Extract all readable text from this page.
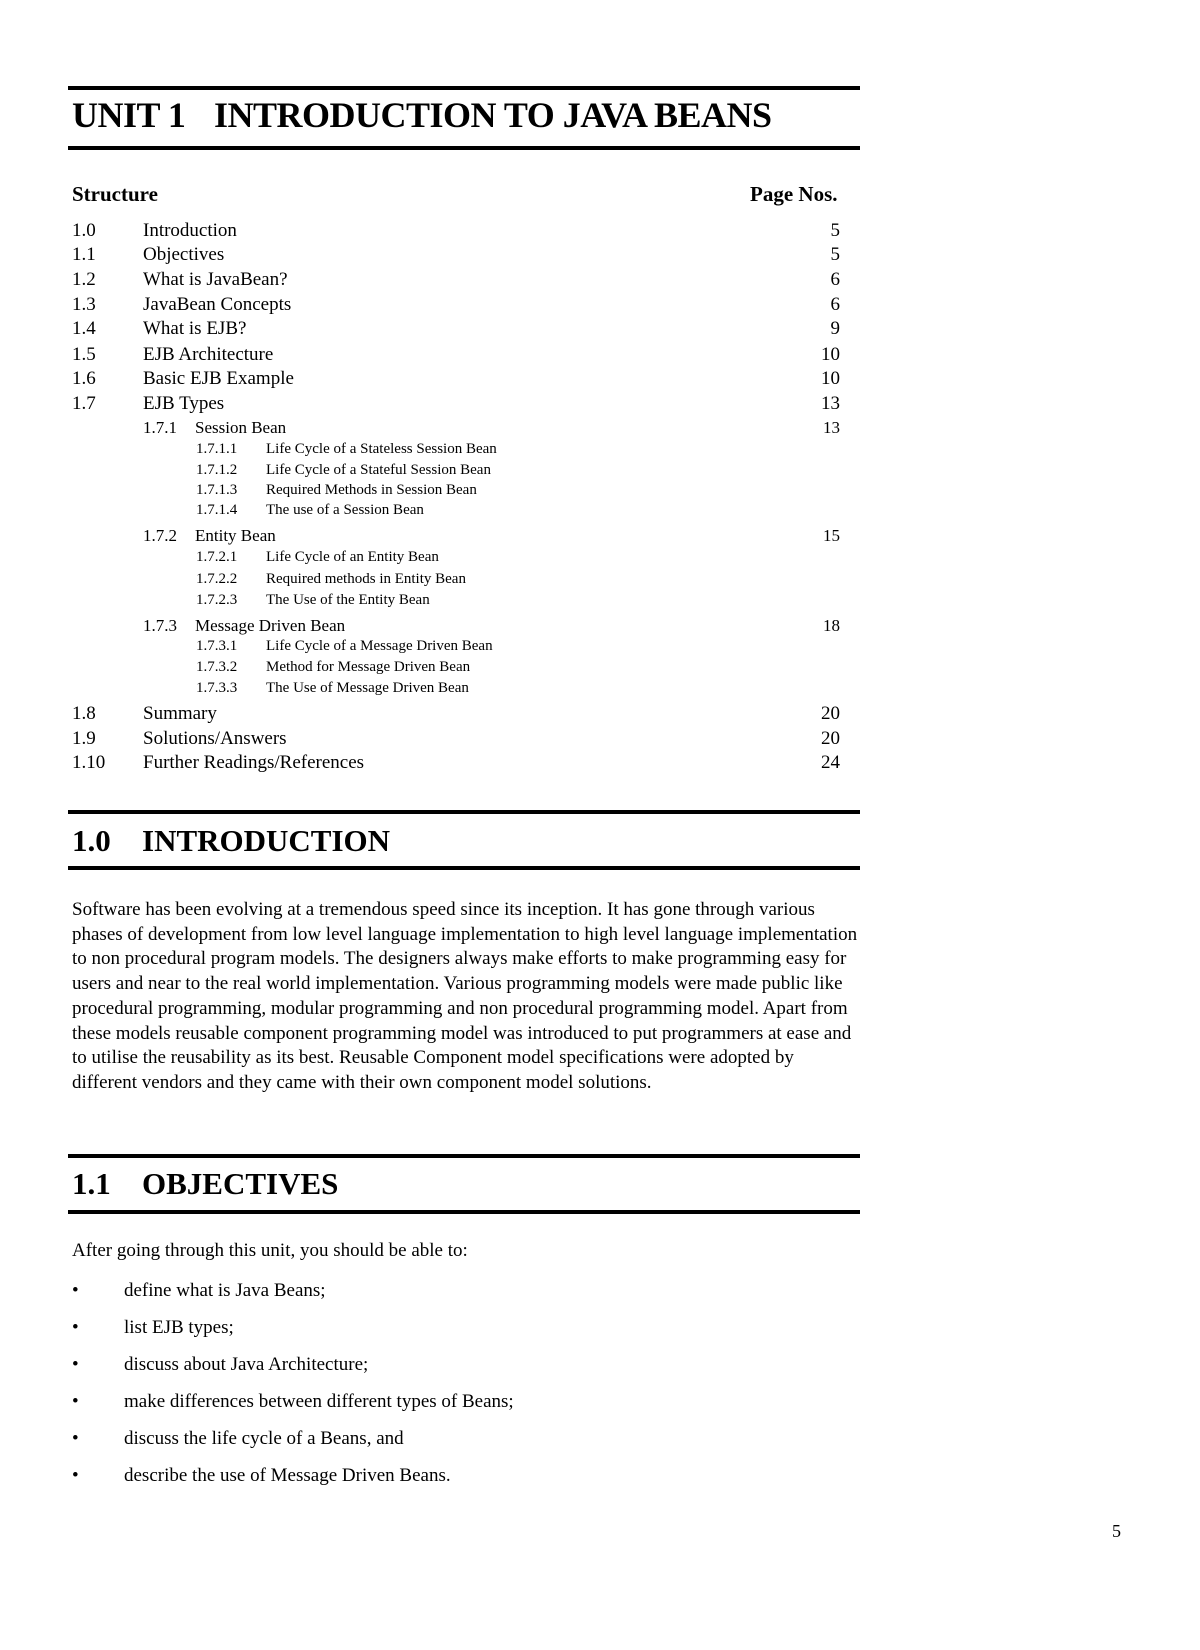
UNIT 1 INTRODUCTION TO JAVA BEANS
Structure	Page Nos.
1.0 Introduction	5
1.1 Objectives	5
1.2 What is JavaBean?	6
1.3 JavaBean Concepts	6
1.4 What is EJB?	9
1.5 EJB Architecture	10
1.6 Basic EJB Example	10
1.7 EJB Types	13
1.7.1 Session Bean	13
1.7.1.1 Life Cycle of a Stateless Session Bean
1.7.1.2 Life Cycle of a Stateful Session Bean
1.7.1.3 Required Methods in Session Bean
1.7.1.4 The use of a Session Bean
1.7.2 Entity Bean	15
1.7.2.1 Life Cycle of an Entity Bean
1.7.2.2 Required methods in Entity Bean
1.7.2.3 The Use of the Entity Bean
1.7.3 Message Driven Bean	18
1.7.3.1 Life Cycle of a Message Driven Bean
1.7.3.2 Method for Message Driven Bean
1.7.3.3 The Use of Message Driven Bean
1.8 Summary	20
1.9 Solutions/Answers	20
1.10 Further Readings/References	24
1.0 INTRODUCTION

Software has been evolving at a tremendous speed since its inception. It has gone through various phases of development from low level language implementation to high level language implementation to non procedural program models. The designers always make efforts to make programming easy for users and near to the real world implementation. Various programming models were made public like procedural programming, modular programming and non procedural programming model. Apart from these models reusable component programming model was introduced to put programmers at ease and to utilise the reusability as its best. Reusable Component model specifications were adopted by different vendors and they came with their own component model solutions.

1.1 OBJECTIVES
After going through this unit, you should be able to:
• define what is Java Beans;
• list EJB types;
• discuss about Java Architecture;
• make differences between different types of Beans;
• discuss the life cycle of a Beans, and
• describe the use of Message Driven Beans.
5
